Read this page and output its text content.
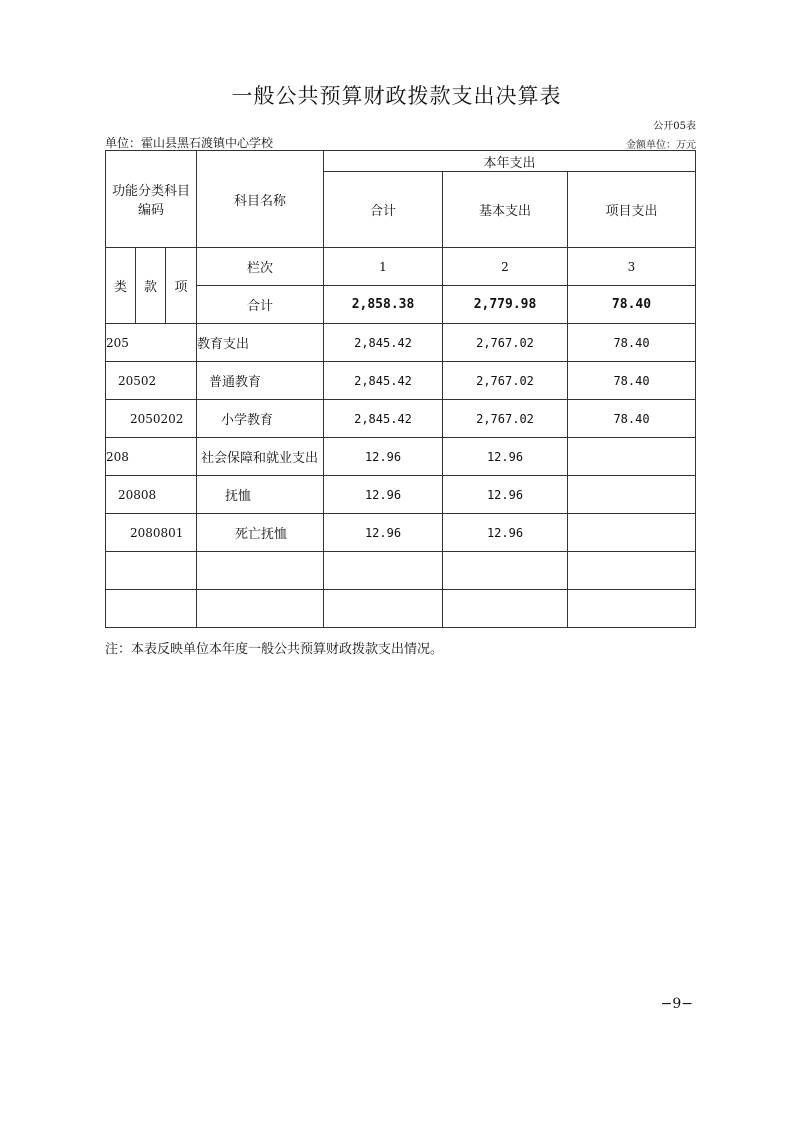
一般公共预算财政拨款支出决算表
公开05表
单位：霍山县黑石渡镇中心学校	金额单位：万元
功能分类科目编码			科目名称	本年支出		
				合计	基本支出	项目支出
类	款	项	栏次	1	2	3
			合计	2,858.38	2,779.98	78.40
205			教育支出	2,845.42	2,767.02	78.40
20502			普通教育	2,845.42	2,767.02	78.40
2050202			小学教育	2,845.42	2,767.02	78.40
208			社会保障和就业支出	12.96	12.96	
20808			抚恤	12.96	12.96	
2080801			死亡抚恤	12.96	12.96	

注：本表反映单位本年度一般公共预算财政拨款支出情况。
−9−
